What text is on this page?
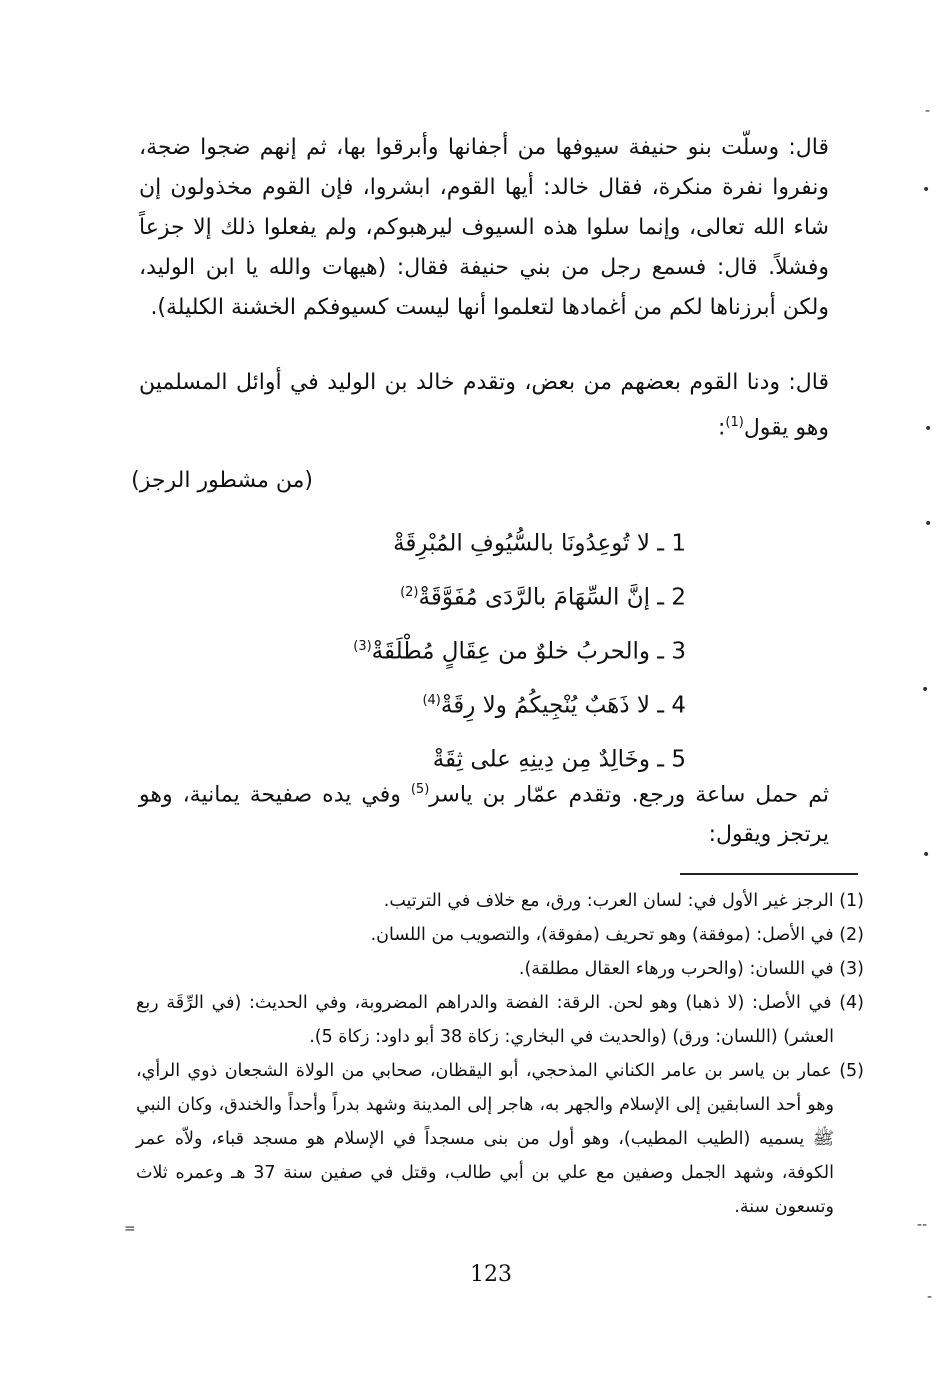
قال: وسلّت بنو حنيفة سيوفها من أجفانها وأبرقوا بها، ثم إنهم ضجوا ضجة، ونفروا نفرة منكرة، فقال خالد: أيها القوم، ابشروا، فإن القوم مخذولون إن شاء الله تعالى، وإنما سلوا هذه السيوف ليرهبوكم، ولم يفعلوا ذلك إلا جزعاً وفشلاً. قال: فسمع رجل من بني حنيفة فقال: (هيهات والله يا ابن الوليد، ولكن أبرزناها لكم من أغمادها لتعلموا أنها ليست كسيوفكم الخشنة الكليلة).

قال: ودنا القوم بعضهم من بعض، وتقدم خالد بن الوليد في أوائل المسلمين وهو يقول$^{(1)}$:

(من مشطور الرجز)
1 ـ لا تُوعِدُونَا بالسُّيُوفِ المُبْرِقَةْ
2 ـ إنَّ السِّهَامَ بالرَّدَى مُفَوَّقَةْ$^{(2)}$
3 ـ والحربُ خلوٌ من عِقَالٍ مُطْلَقَةْ$^{(3)}$
4 ـ لا ذَهَبٌ يُنْجِيكُمُ ولا رِقَةْ$^{(4)}$
5 ـ وخَالِدٌ مِن دِينِهِ على ثِقَةْ

ثم حمل ساعة ورجع. وتقدم عمّار بن ياسر$^{(5)}$ وفي يده صفيحة يمانية، وهو يرتجز ويقول:

(1) الرجز غير الأول في: لسان العرب: ورق، مع خلاف في الترتيب.
(2) في الأصل: (موفقة) وهو تحريف (مفوقة)، والتصويب من اللسان.
(3) في اللسان: (والحرب ورهاء العقال مطلقة).
(4) في الأصل: (لا ذهبا) وهو لحن. الرقة: الفضة والدراهم المضروبة، وفي الحديث: (في الرِّقَة ربع العشر) (اللسان: ورق) (والحديث في البخاري: زكاة 38 أبو داود: زكاة 5).
(5) عمار بن ياسر بن عامر الكناني المذحجي، أبو اليقظان، صحابي من الولاة الشجعان ذوي الرأي، وهو أحد السابقين إلى الإسلام والجهر به، هاجر إلى المدينة وشهد بدراً وأحداً والخندق، وكان النبي ﷺ يسميه (الطيب المطيب)، وهو أول من بنى مسجداً في الإسلام هو مسجد قباء، ولاّه عمر الكوفة، وشهد الجمل وصفين مع علي بن أبي طالب، وقتل في صفين سنة 37 هـ وعمره ثلاث وتسعون سنة.
123
-
•
•
•
•
•
--
=
-
